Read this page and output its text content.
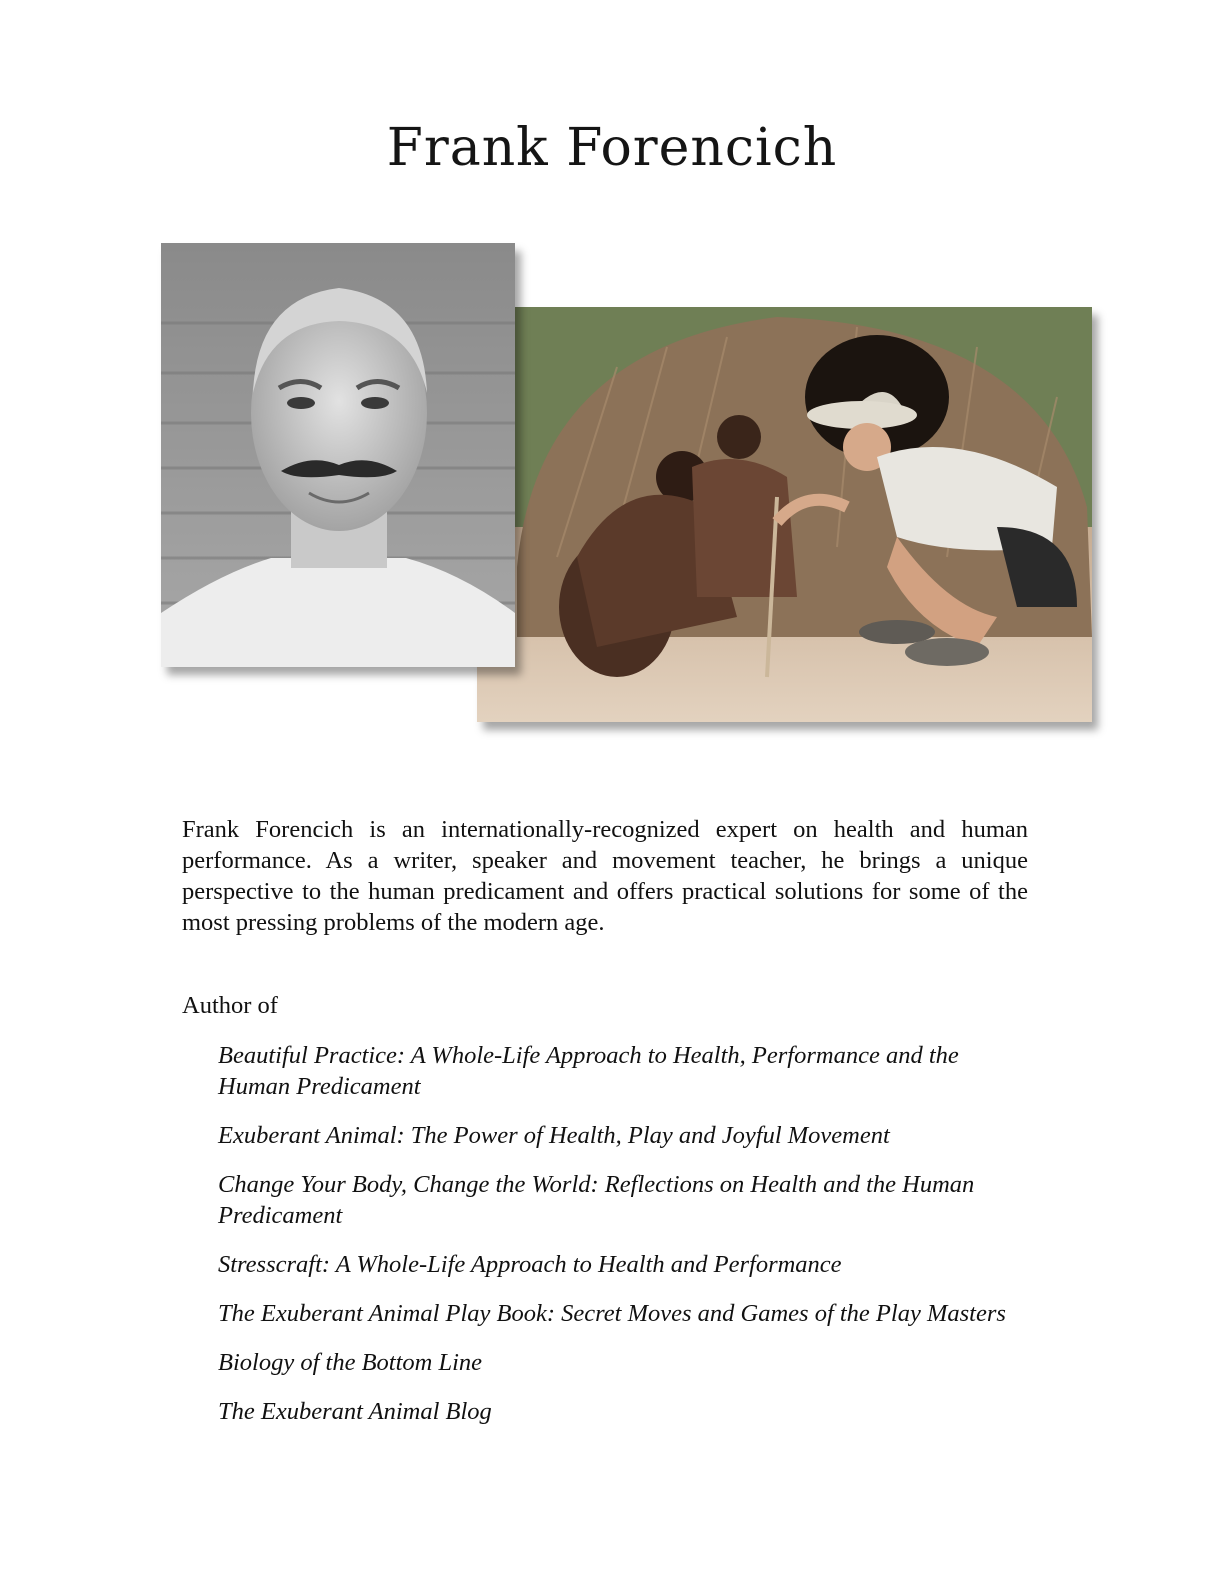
Frank Forencich

Frank Forencich is an internationally-recognized expert on health and human performance. As a writer, speaker and movement teacher, he brings a unique perspective to the human predicament and offers practical solutions for some of the most pressing problems of the modern age.

Author of

Beautiful Practice: A Whole-Life Approach to Health, Performance and the Human Predicament
Exuberant Animal: The Power of Health, Play and Joyful Movement
Change Your Body, Change the World: Reflections on Health and the Human Predicament
Stresscraft: A Whole-Life Approach to Health and Performance
The Exuberant Animal Play Book: Secret Moves and Games of the Play Masters
Biology of the Bottom Line
The Exuberant Animal Blog
